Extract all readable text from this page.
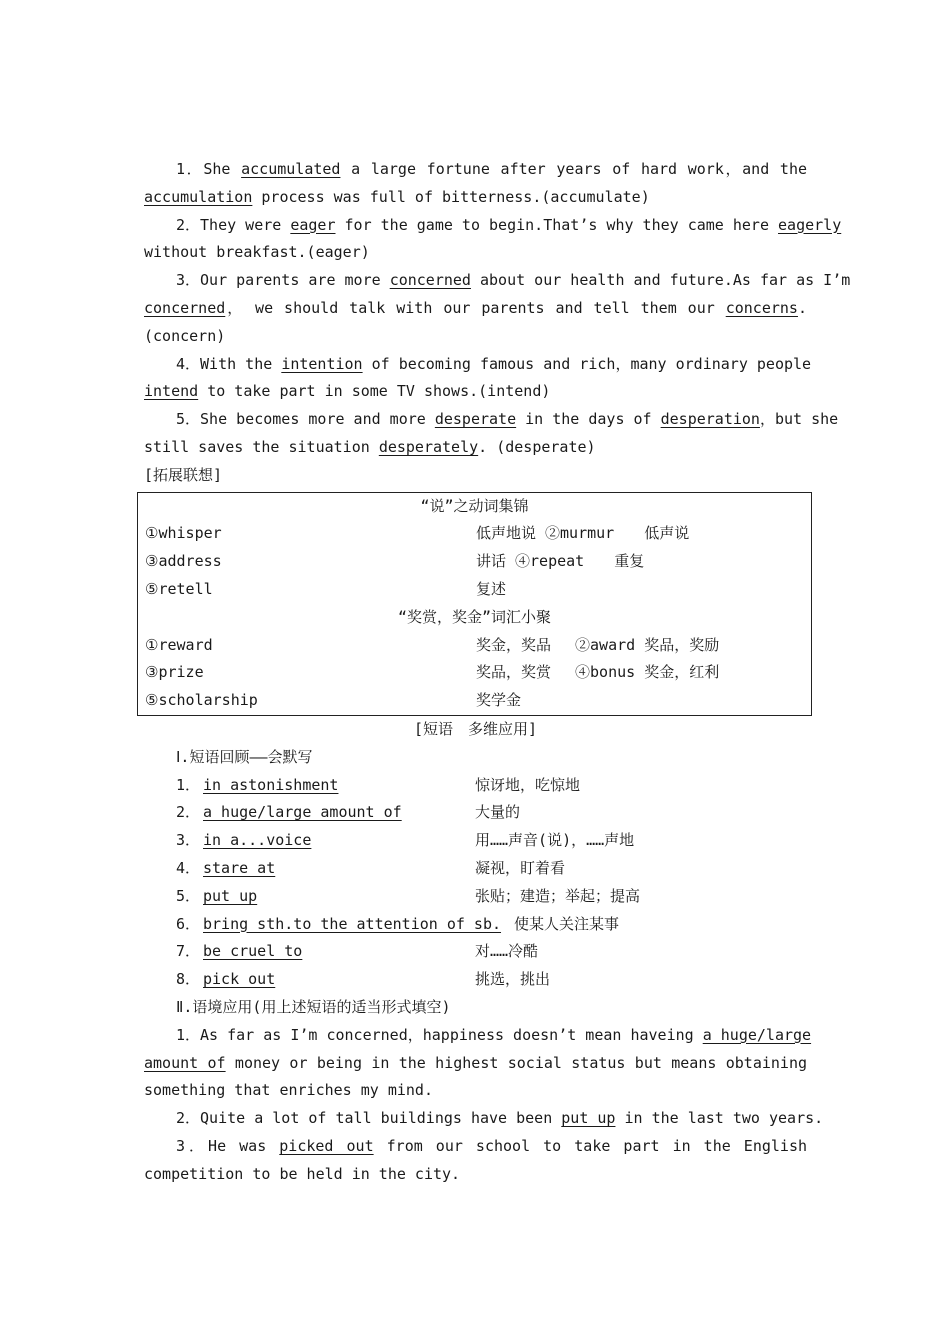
1．She accumulated a large fortune after years of hard work，and the
accumulation process was full of bitterness.(accumulate)
2．They were eager for the game to begin.That’s why they came here eagerly
without breakfast.(eager)
3．Our parents are more concerned about our health and future.As far as I’m
concerned， we should talk with our parents and tell them our concerns.
(concern)
4．With the intention of becoming famous and rich，many ordinary people
intend to take part in some TV shows.(intend)
5．She becomes more and more desperate in the days of desperation，but she
still saves the situation desperately. (desperate)
[拓展联想]
“说”之动词集锦
①whisper	低声地说 ②murmur　　低声说
③address	讲话 ④repeat　　重复
⑤retell	复述
“奖赏，奖金”词汇小聚
①reward	奖金，奖品　 ②award 奖品，奖励
③prize	奖品，奖赏　 ④bonus 奖金，红利
⑤scholarship	奖学金
[短语　多维应用]
Ⅰ.短语回顾——会默写
1． in astonishment	惊讶地，吃惊地
2． a huge/large amount of	大量的
3． in a...voice	用……声音(说)，……声地
4． stare at	凝视，盯着看
5． put up	张贴；建造；举起；提高
6． bring sth.to the attention of sb. 使某人关注某事
7． be cruel to	对……冷酷
8． pick out	挑选，挑出
Ⅱ.语境应用(用上述短语的适当形式填空)
1．As far as I’m concerned，happiness doesn’t mean haveing a huge/large
amount of money or being in the highest social status but means obtaining
something that enriches my mind.
2．Quite a lot of tall buildings have been put up in the last two years.
3．He was picked out from our school to take part in the English
competition to be held in the city.
